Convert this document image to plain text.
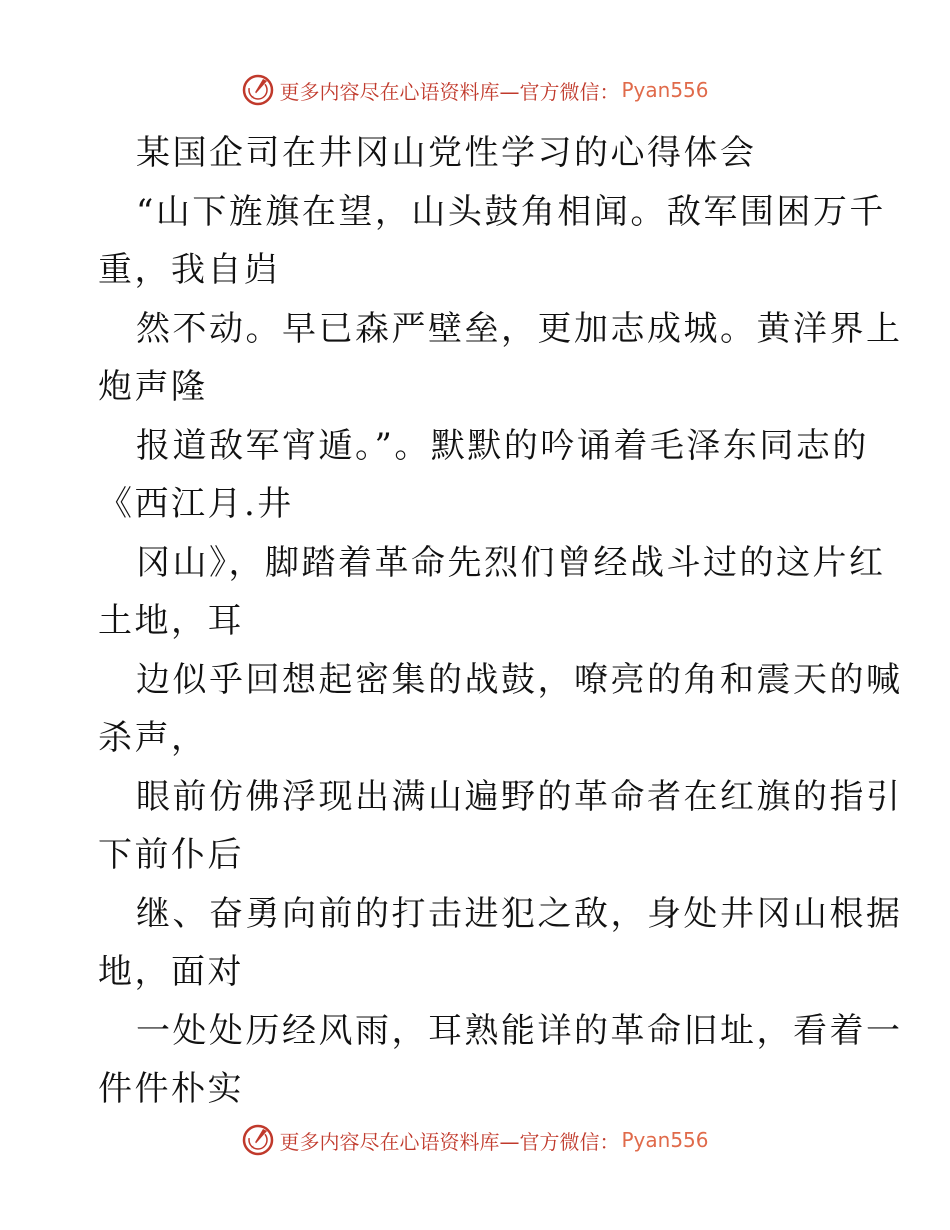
更多内容尽在心语资料库—官方微信： Pyan556
某国企司在井冈山党性学习的心得体会
“山下旌旗在望，山头鼓角相闻。敌军围困万千
重，我自岿
然不动。早已森严壁垒，更加志成城。黄洋界上
炮声隆
报道敌军宵遁。”。默默的吟诵着毛泽东同志的
《西江月.井
冈山》，脚踏着革命先烈们曾经战斗过的这片红
土地，耳
边似乎回想起密集的战鼓，嘹亮的角和震天的喊
杀声，
眼前仿佛浮现出满山遍野的革命者在红旗的指引
下前仆后
继、奋勇向前的打击进犯之敌，身处井冈山根据
地，面对
一处处历经风雨，耳熟能详的革命旧址，看着一
件件朴实
更多内容尽在心语资料库—官方微信： Pyan556
